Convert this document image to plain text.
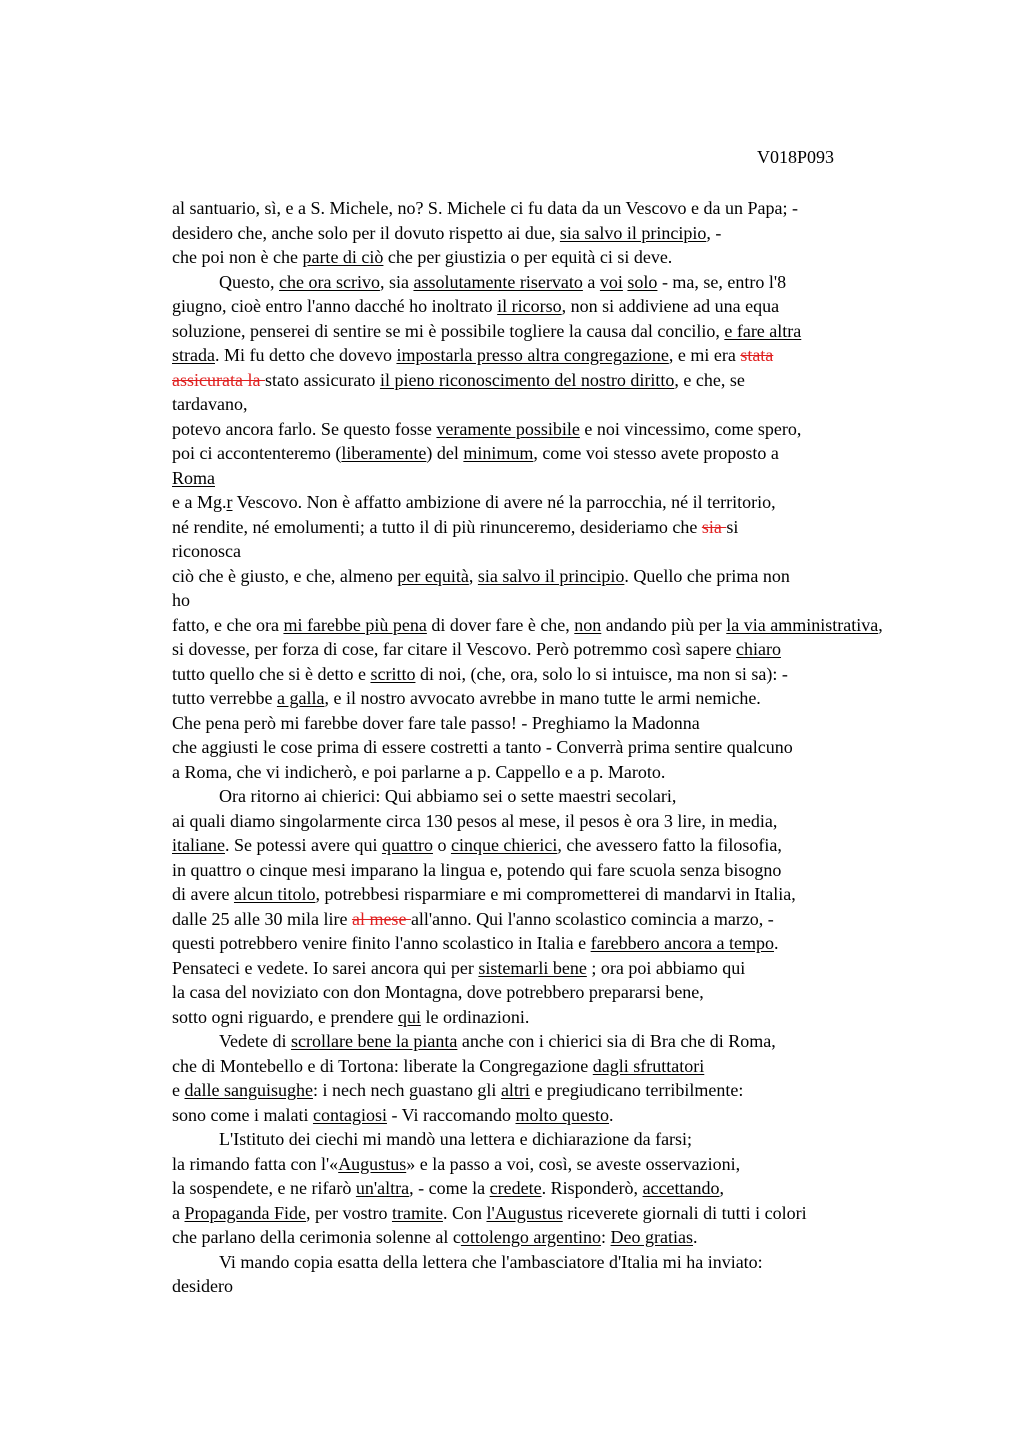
V018P093
al santuario, sì, e a S. Michele, no? S. Michele ci fu data da un Vescovo e da un Papa; -
desidero che, anche solo per il dovuto rispetto ai due, sia salvo il principio, -
che poi non è che parte di ciò che per giustizia o per equità ci si deve.
Questo, che ora scrivo, sia assolutamente riservato a voi solo - ma, se, entro l'8
giugno, cioè entro l'anno dacché ho inoltrato il ricorso, non si addiviene ad una equa
soluzione, penserei di sentire se mi è possibile togliere la causa dal concilio, e fare altra
strada. Mi fu detto che dovevo impostarla presso altra congregazione, e mi era stata
assicurata la stato assicurato il pieno riconoscimento del nostro diritto, e che, se
tardavano,
potevo ancora farlo. Se questo fosse veramente possibile e noi vincessimo, come spero,
poi ci accontenteremo (liberamente) del minimum, come voi stesso avete proposto a
Roma
e a Mg.r Vescovo. Non è affatto ambizione di avere né la parrocchia, né il territorio,
né rendite, né emolumenti; a tutto il di più rinunceremo, desideriamo che sia si
riconosca
ciò che è giusto, e che, almeno per equità, sia salvo il principio. Quello che prima non
ho
fatto, e che ora mi farebbe più pena di dover fare è che, non andando più per la via amministrativa,
si dovesse, per forza di cose, far citare il Vescovo. Però potremmo così sapere chiaro
tutto quello che si è detto e scritto di noi, (che, ora, solo lo si intuisce, ma non si sa): -
tutto verrebbe a galla, e il nostro avvocato avrebbe in mano tutte le armi nemiche.
Che pena però mi farebbe dover fare tale passo! - Preghiamo la Madonna
che aggiusti le cose prima di essere costretti a tanto - Converrà prima sentire qualcuno
a Roma, che vi indicherò, e poi parlarne a p. Cappello e a p. Maroto.
Ora ritorno ai chierici: Qui abbiamo sei o sette maestri secolari,
ai quali diamo singolarmente circa 130 pesos al mese, il pesos è ora 3 lire, in media,
italiane. Se potessi avere qui quattro o cinque chierici, che avessero fatto la filosofia,
in quattro o cinque mesi imparano la lingua e, potendo qui fare scuola senza bisogno
di avere alcun titolo, potrebbesi risparmiare e mi comprometterei di mandarvi in Italia,
dalle 25 alle 30 mila lire al mese all'anno. Qui l'anno scolastico comincia a marzo, -
questi potrebbero venire finito l'anno scolastico in Italia e farebbero ancora a tempo.
Pensateci e vedete. Io sarei ancora qui per sistemarli bene ; ora poi abbiamo qui
la casa del noviziato con don Montagna, dove potrebbero prepararsi bene,
sotto ogni riguardo, e prendere qui le ordinazioni.
Vedete di scrollare bene la pianta anche con i chierici sia di Bra che di Roma,
che di Montebello e di Tortona: liberate la Congregazione dagli sfruttatori
e dalle sanguisughe: i nech nech guastano gli altri e pregiudicano terribilmente:
sono come i malati contagiosi - Vi raccomando molto questo.
L'Istituto dei ciechi mi mandò una lettera e dichiarazione da farsi;
la rimando fatta con l'«Augustus» e la passo a voi, così, se aveste osservazioni,
la sospendete, e ne rifarò un'altra, - come la credete. Risponderò, accettando,
a Propaganda Fide, per vostro tramite. Con l'Augustus riceverete giornali di tutti i colori
che parlano della cerimonia solenne al cottolengo argentino: Deo gratias.
Vi mando copia esatta della lettera che l'ambasciatore d'Italia mi ha inviato:
desidero
